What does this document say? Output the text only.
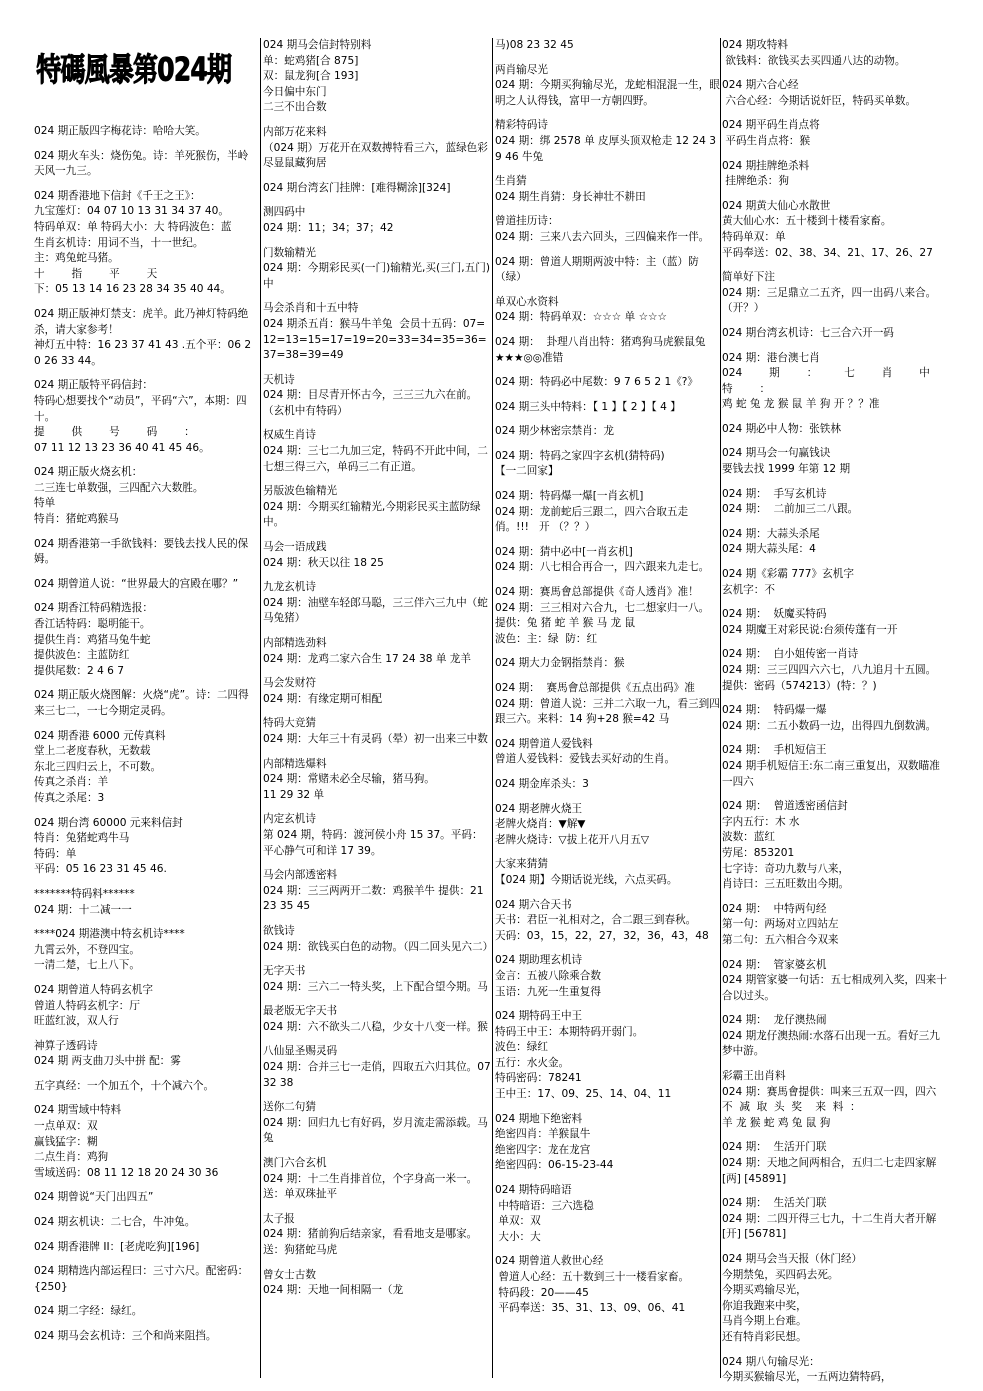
特碼風暴第024期
024 期正版四字梅花诗：哈哈大笑。
024 期火车头：烧伤兔。诗：羊死猴伤，半岭天风一九三。
024 期香港地下信封《千王之王》：
九宝莲灯：04 07 10 13 31 34 37 40。
特码单双：单 特码大小：大 特码波色：蓝
生肖玄机诗：用词不当，十一世纪。
主：鸡兔蛇马猪。
十        指        平        天
下：05 13 14 16 23 28 34 35 40 44。
024 期正版神灯禁支：虎羊。此乃神灯特码绝杀，请大家参考！
神灯五中特：16 23 37 41 43 .五个平：06 20 26 33 44。
024 期正版特平码信封：
特码心想要找个“动员”，平码“六”，本期：四十。
提        供        号        码        ：
07 11 12 13 23 36 40 41 45 46。
024 期正版火烧玄机：
二三连七单数强，三四配六大数胜。
特单
特肖：猪蛇鸡猴马
024 期香港第一手欲钱料：要钱去找人民的保姆。
024 期曾道人说：“世界最大的宫殿在哪？”
024 期香江特码精选报：
香江话特码：聪明能干。
提供生肖：鸡猪马兔牛蛇
提供波色：主蓝防红
提供尾数：2 4 6 7
024 期正版火烧图解：火烧“虎”。诗：二四得来三七二，一七今期定灵码。
024 期香港 6000 元传真料
堂上二老度春秋，无数载
东北三四归云上，不可数。
传真之杀肖：羊
传真之杀尾：3
024 期台湾 60000 元来料信封
特肖：兔猪蛇鸡牛马
特码：单
平码：05 16 23 31 45 46.
*******特码料******
024 期：十二减一一
****024 期港澳中特玄机诗****
九霄云外，不登四宝。
一清二楚，七上八下。
024 期曾道人特码玄机字
曾道人特码玄机字：厅
旺蓝红波，双人行
神算子透码诗
024 期 两支曲刀头中拼 配：雾
五字真经：一个加五个，十个减六个。
024 期雪域中特料
一点单双：双
赢钱猛字：糊
二点生肖：鸡狗
雪域送码：08 11 12 18 20 24 30 36
024 期曾说“天门出四五”
024 期玄机诀：二七合，牛冲兔。
024 期香港牌 II：[老虎吃狗][196]
024 期精选内部运程曰：三寸六尺。配密码：{250}
024 期二字经：绿红。
024 期马会玄机诗：三个和尚来阻挡。
024 期马会信封特别料
单：蛇鸡猪[合 875]
双：鼠龙狗[合 193]
今日偏中东门
二三不出合数
内部万花来料
（024 期）万花开在双数搏特看三六，蓝绿色彩尽显鼠藏狗居
024 期台湾玄门挂牌：[难得糊涂][324]
测四码中
024 期：11；34；37；42
门数输精光
024 期：今期彩民买(一门)输精光,买(三门,五门)中
马会杀肖和十五中特
024 期杀五肖：猴马牛羊兔  会员十五码：07=12=13=15=17=19=20=33=34=35=36=37=38=39=49
天机诗
024 期：目尽青开怀古今，三三三九六在前。（玄机中有特码）
权威生肖诗
024 期：三七二九加三定，特码不开此中间，二七想三得三六，单码三二有正道。
另版波色输精光
024 期：今期买红输精光,今期彩民买主蓝防绿中。
马会一语成践
024 期：秋天以往 18 25
九龙玄机诗
024 期：油壁车轻郎马聪，三三伴六三九中（蛇马兔猪）
内部精选劲料
024 期：龙鸡二家六合生 17 24 38 单 龙羊
马会发财符
024 期：有缘定期可相配
特码大竞猜
024 期：大年三十有灵码（晕）初一出来三中数
内部精选爆料
024 期：常赌未必全尽输，猪马狗。
11 29 32 单
内定玄机诗
第 024 期，特码：渡河侯小舟 15 37。平码：平心静气可和详 17 39。
马会内部透密料
024 期：三三两两开二数：鸡猴羊牛 提供：21 23 35 45
欲钱诗
024 期：欲钱买白色的动物。（四二回头见六二）
无字天书
024 期：三六二一特头奖，上下配合望今期。马
最老版无字天书
024 期：六不欲头二八稳，少女十八变一样。猴
八仙显圣赐灵码
024 期：合并三七一走俏，四取五六归其位。07 32 38
送你二句猜
024 期：回归九七有好码，岁月流走需添载。马兔
澳门六合玄机
024 期：十二生肖排首位，个字身高一米一。送：单双珠扯平
太子报
024 期：猪前狗后结亲家，看看地支是哪家。送：狗猪蛇马虎
曾女士古数
024 期：天地一间相隔一（龙
马)08 23 32 45
两肖输尽光
024 期：今期买狗输尽光，龙蛇相混混一生，眼明之人认得钱，富甲一方朝四野。
精彩特码诗
024 期：绑 2578 单 皮厚头顶双枪走 12 24 39 46 牛兔
生肖猜
024 期生肖猜：身长神壮不耕田
曾道挂历诗：
024 期：三来八去六回头，三四偏来作一伴。
024 期：曾道人期期两波中特：主（蓝）防（绿）
单双心水资料
024 期：特码单双：☆☆☆ 单 ☆☆☆
024 期：  卦理八肖出特：猪鸡狗马虎猴鼠兔
★★★◎◎准错
024 期：特码必中尾数：9 7 6 5 2 1《?》
024 期三头中特料：【 1 】【 2 】【 4 】
024 期少林密宗禁肖：龙
024 期：特码之家四字玄机(猜特码)
【一二回家】
024 期：特码爆一爆[一肖玄机]
024 期：龙前蛇后三跟二，四六合取五走俏。!!!   开 （？？）
024 期：猜中必中[一肖玄机]
024 期：八七相合再合一，四六跟来九走七。
024 期：赛馬會总部提供《奇人透肖》准！
024 期：三三相对六合九，七二想家归一八。
提供：兔 猪 蛇 羊 猴 马 龙 鼠
波色：主：绿  防：红
024 期大力金钢指禁肖：猴
024 期：  赛馬會总部提供《五点出码》准
024 期：曾道人说：三并二六取一九，看三到四跟三六。来料：14 狗+28 猴=42 马
024 期曾道人爱钱料
曾道人爱钱料：爱钱去买好动的生肖。
024 期金库杀头：3
024 期老牌火烧王
老牌火烧肖：▼解▼
老牌火烧诗：▽拔上花开八月五▽
大家来猜猜
【024 期】今期话说光线，六点买码。
024 期六合天书
天书：君臣一礼相对之，合二跟三到春秋。
天码：03，15，22，27，32，36，43，48
024 期助理玄机诗
金言：五被八除乘合数
玉语：九死一生重复得
024 期特码王中王
特码王中王：本期特码开弱门。
波色：绿红
五行：水火金。
特码密码：78241
王中王：17、09、25、14、04、11
024 期地下绝密料
绝密四肖：羊猴鼠牛
绝密四字：龙在龙宫
绝密四码：06-15-23-44
024 期特码暗语
中特暗语：三六选稳
单双：双
大小：大
024 期曾道人救世心经
曾道人心经：五十数到三十一楼看家畜。
特码段：20——45
平码奉送：35、31、13、09、06、41
024 期攻特料
欲钱料：欲钱买去买四通八达的动物。
024 期六合心经
六合心经：今期话说奸臣，特码买单数。
024 期平码生肖点将
平码生肖点将：猴
024 期挂牌绝杀料
挂牌绝杀：狗
024 期黄大仙心水散世
黄大仙心水：五十楼到十楼看家畜。
特码单双：单
平码奉送：02、38、34、21、17、26、27
简单好下注
024 期：三足鼎立二五齐，四一出码八来合。（开？）
024 期台湾玄机诗：七三合六开一码
024 期：港台澳七肖
024        期        ：        七        肖        中        特        ：
鸡 蛇 兔 龙 猴 鼠 羊 狗 开 ？？准
024 期必中人物：张铁林
024 期马会一句赢钱诀
要钱去找 1999 年第 12 期
024 期：  手写玄机诗
024 期：  二前加三二八跟。
024 期：大蒜头杀尾
024 期大蒜头尾：4
024 期《彩霸 777》玄机字
玄机字：不
024 期：  妖魔买特码
024 期魔王对彩民说:台须传蓬有一开
024 期：  白小姐传密一肖诗
024 期：三三四四六六七，八九追月十五圆。
提供：密码（574213）(特：？)
024 期：  特码爆一爆
024 期：二五小数码一边，出得四九倒数满。
024 期：  手机短信王
024 期手机短信王:东二南三重复出，双数瞄准一四六
024 期：  曾道透密函信封
字内五行：木 水
波数：蓝红
劳尾：853201
七字诗：奇功九数与八来，
肖诗曰：三五旺数出今期。
024 期：  中特两句经
第一句：两场对立四站左
第二句：五六相合今双来
024 期：  管家婆玄机
024 期管家婆一句话：五七相成列入奖，四来十合以过头。
024 期：  龙仔澳热闹
024 期龙仔澳热闹:水落石出现一五。看好三九梦中游。
彩霸王出肖料
024 期：赛馬會提供：叫来三五双一四，四六  不  减  取  头  奖    来  料  ：
羊 龙 猴 蛇 鸡 兔 鼠 狗
024 期：  生活开门联
024 期：天地之间两相合，五归二七走四家解 [两] [45891]
024 期：  生活关门联
024 期：二四开得三七九，十二生肖大者开解 [开] [56781]
024 期马会当天报（休门经）
今期禁兔，买四码去死。
今期买鸡输尽光，
你追我跑来中奖，
马肖今期上台难。
还有特肖彩民想。
024 期八句输尽光：
今期买猴输尽光，一五两边猜特码，
